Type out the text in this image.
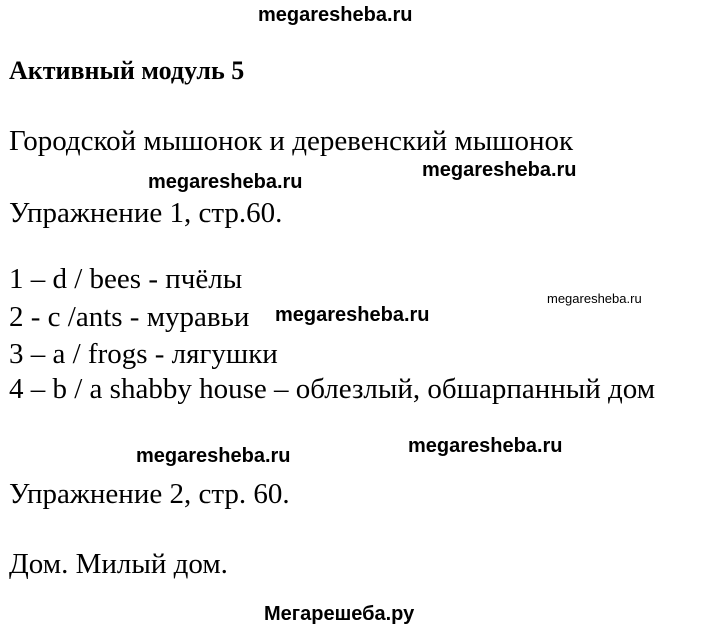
megaresheba.ru
Активный модуль 5
Городской мышонок и деревенский мышонок
megaresheba.ru
megaresheba.ru
Упражнение 1, стр.60.
1 – d / bees - пчёлы
2 - c /ants - муравьи
3 – a / frogs - лягушки
4 – b / a shabby house – облезлый, обшарпанный дом
megaresheba.ru
megaresheba.ru
megaresheba.ru	megaresheba.ru
Упражнение 2, стр. 60.
Дом. Милый дом.
Мегарешеба.ру
